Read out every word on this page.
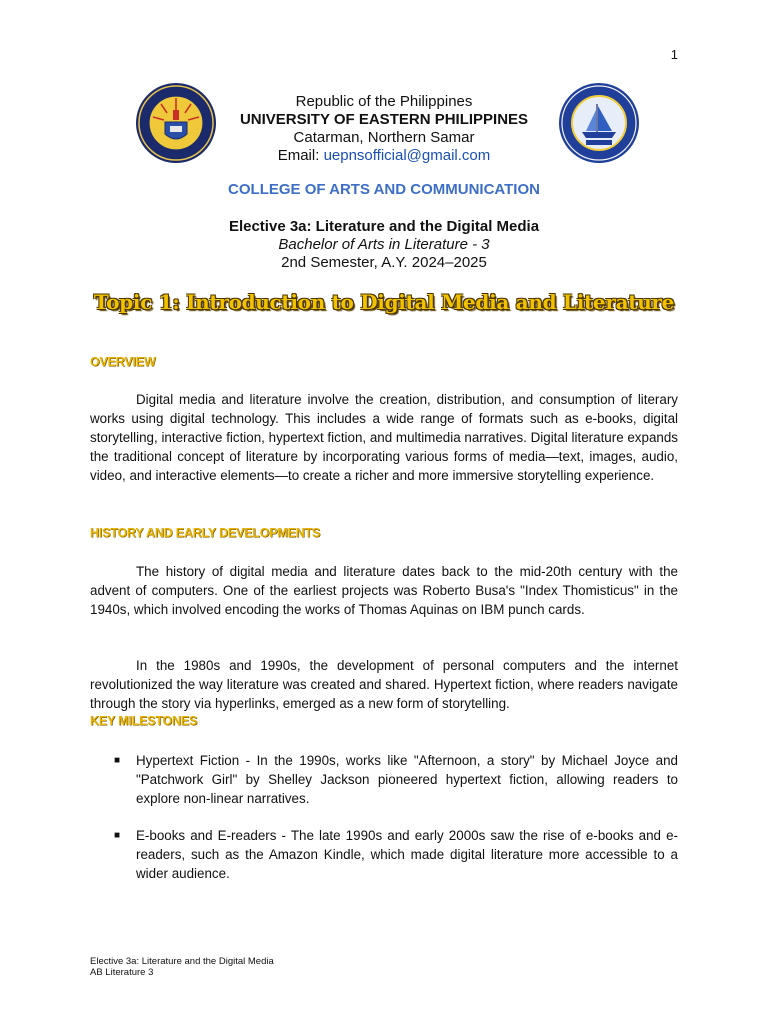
1
Republic of the Philippines
UNIVERSITY OF EASTERN PHILIPPINES
Catarman, Northern Samar
Email: uepnsofficial@gmail.com
COLLEGE OF ARTS AND COMMUNICATION
Elective 3a: Literature and the Digital Media
Bachelor of Arts in Literature - 3
2nd Semester, A.Y. 2024–2025
Topic 1: Introduction to Digital Media and Literature
OVERVIEW
Digital media and literature involve the creation, distribution, and consumption of literary works using digital technology. This includes a wide range of formats such as e-books, digital storytelling, interactive fiction, hypertext fiction, and multimedia narratives. Digital literature expands the traditional concept of literature by incorporating various forms of media—text, images, audio, video, and interactive elements—to create a richer and more immersive storytelling experience.
HISTORY AND EARLY DEVELOPMENTS
The history of digital media and literature dates back to the mid-20th century with the advent of computers. One of the earliest projects was Roberto Busa's "Index Thomisticus" in the 1940s, which involved encoding the works of Thomas Aquinas on IBM punch cards.
In the 1980s and 1990s, the development of personal computers and the internet revolutionized the way literature was created and shared. Hypertext fiction, where readers navigate through the story via hyperlinks, emerged as a new form of storytelling.
KEY MILESTONES
■ Hypertext Fiction - In the 1990s, works like "Afternoon, a story" by Michael Joyce and "Patchwork Girl" by Shelley Jackson pioneered hypertext fiction, allowing readers to explore non-linear narratives.
■ E-books and E-readers - The late 1990s and early 2000s saw the rise of e-books and e-readers, such as the Amazon Kindle, which made digital literature more accessible to a wider audience.
Elective 3a: Literature and the Digital Media
AB Literature 3
